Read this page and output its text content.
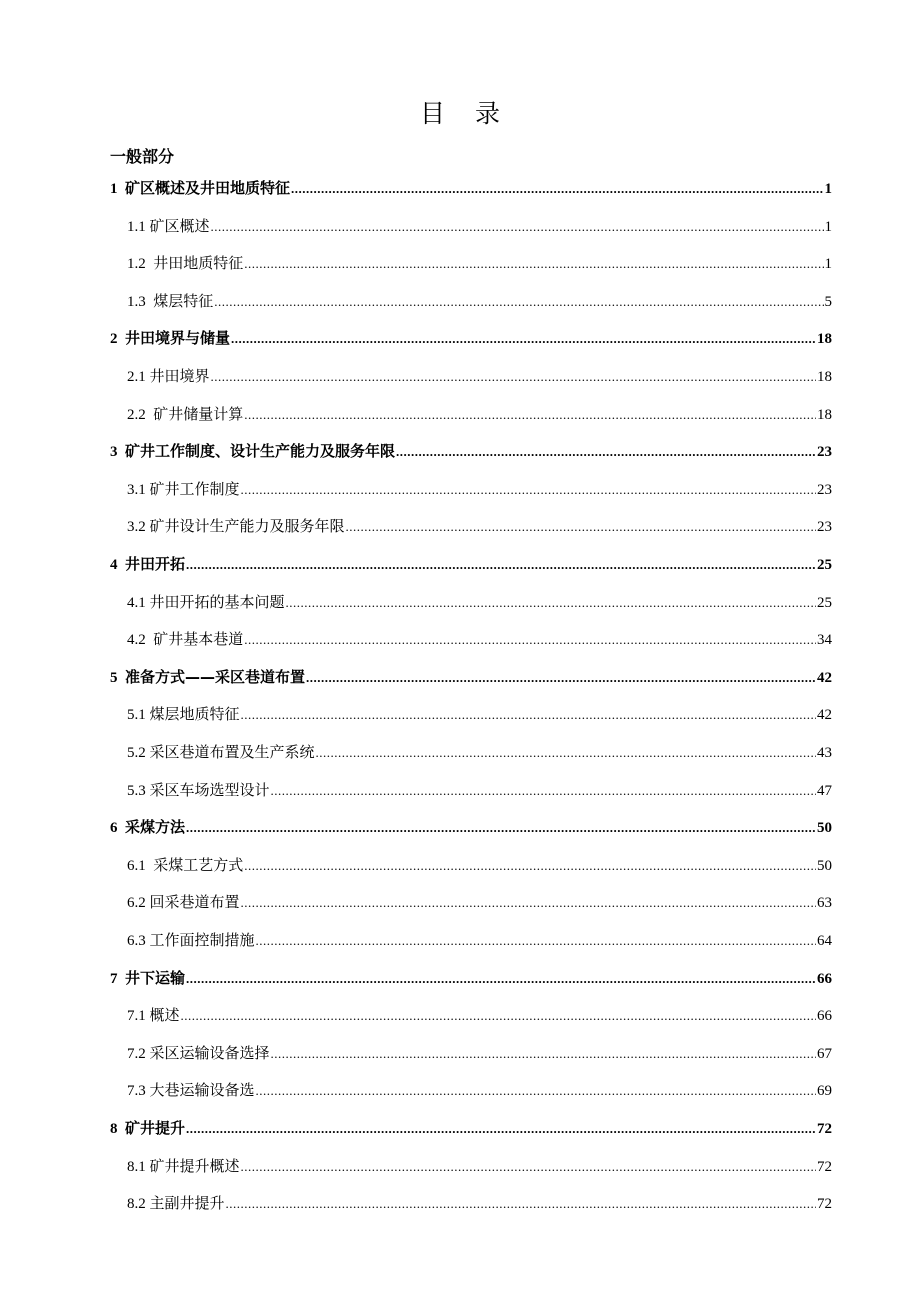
目录
一般部分
1 矿区概述及井田地质特征 .....	1
1.1 矿区概述 .....	1
1.2 井田地质特征 .....	1
1.3 煤层特征 .....	5
2 井田境界与储量 .....	18
2.1 井田境界 .....	18
2.2 矿井储量计算 .....	18
3 矿井工作制度、设计生产能力及服务年限 .....	23
3.1 矿井工作制度 .....	23
3.2 矿井设计生产能力及服务年限 .....	23
4 井田开拓 .....	25
4.1 井田开拓的基本问题 .....	25
4.2 矿井基本巷道 .....	34
5 准备方式——采区巷道布置 .....	42
5.1 煤层地质特征 .....	42
5.2 采区巷道布置及生产系统 .....	43
5.3 采区车场选型设计 .....	47
6 采煤方法 .....	50
6.1 采煤工艺方式 .....	50
6.2 回采巷道布置 .....	63
6.3 工作面控制措施 .....	64
7 井下运输 .....	66
7.1 概述 .....	66
7.2 采区运输设备选择 .....	67
7.3 大巷运输设备选 .....	69
8 矿井提升 .....	72
8.1 矿井提升概述 .....	72
8.2 主副井提升 .....	72
